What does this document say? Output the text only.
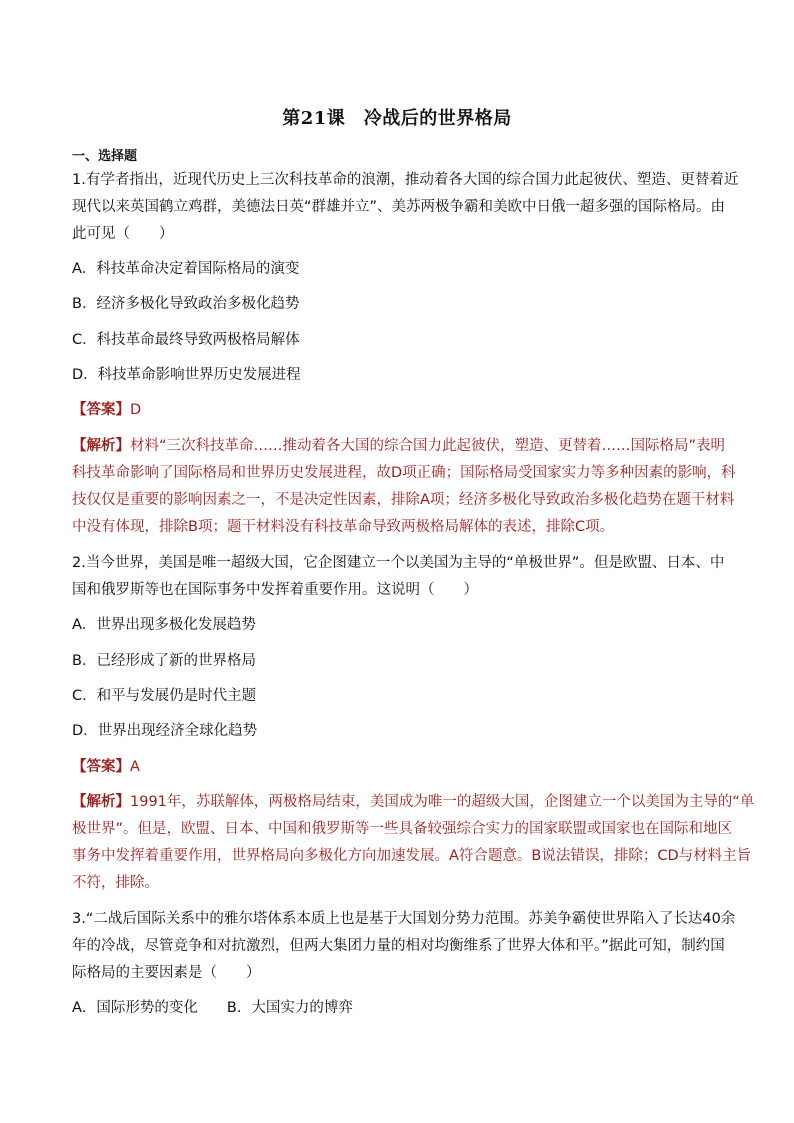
第21课　冷战后的世界格局
一、选择题
1.有学者指出，近现代历史上三次科技革命的浪潮，推动着各大国的综合国力此起彼伏、塑造、更替着近
现代以来英国鹤立鸡群，美德法日英“群雄并立”、美苏两极争霸和美欧中日俄一超多强的国际格局。由
此可见（　　）
A．科技革命决定着国际格局的演变
B．经济多极化导致政治多极化趋势
C．科技革命最终导致两极格局解体
D．科技革命影响世界历史发展进程
【答案】D
【解析】材料“三次科技革命……推动着各大国的综合国力此起彼伏，塑造、更替着……国际格局”表明
科技革命影响了国际格局和世界历史发展进程，故D项正确；国际格局受国家实力等多种因素的影响，科
技仅仅是重要的影响因素之一，不是决定性因素，排除A项；经济多极化导致政治多极化趋势在题干材料
中没有体现，排除B项；题干材料没有科技革命导致两极格局解体的表述，排除C项。
2.当今世界，美国是唯一超级大国，它企图建立一个以美国为主导的“单极世界”。但是欧盟、日本、中
国和俄罗斯等也在国际事务中发挥着重要作用。这说明（　　）
A．世界出现多极化发展趋势
B．已经形成了新的世界格局
C．和平与发展仍是时代主题
D．世界出现经济全球化趋势
【答案】A
【解析】1991年，苏联解体，两极格局结束，美国成为唯一的超级大国，企图建立一个以美国为主导的“单
极世界”。但是，欧盟、日本、中国和俄罗斯等一些具备较强综合实力的国家联盟或国家也在国际和地区
事务中发挥着重要作用，世界格局向多极化方向加速发展。A符合题意。B说法错误，排除；CD与材料主旨
不符，排除。
3.“二战后国际关系中的雅尔塔体系本质上也是基于大国划分势力范围。苏美争霸使世界陷入了长达40余
年的冷战，尽管竞争和对抗激烈，但两大集团力量的相对均衡维系了世界大体和平。”据此可知，制约国
际格局的主要因素是（　　）
A．国际形势的变化　　B．大国实力的博弈
